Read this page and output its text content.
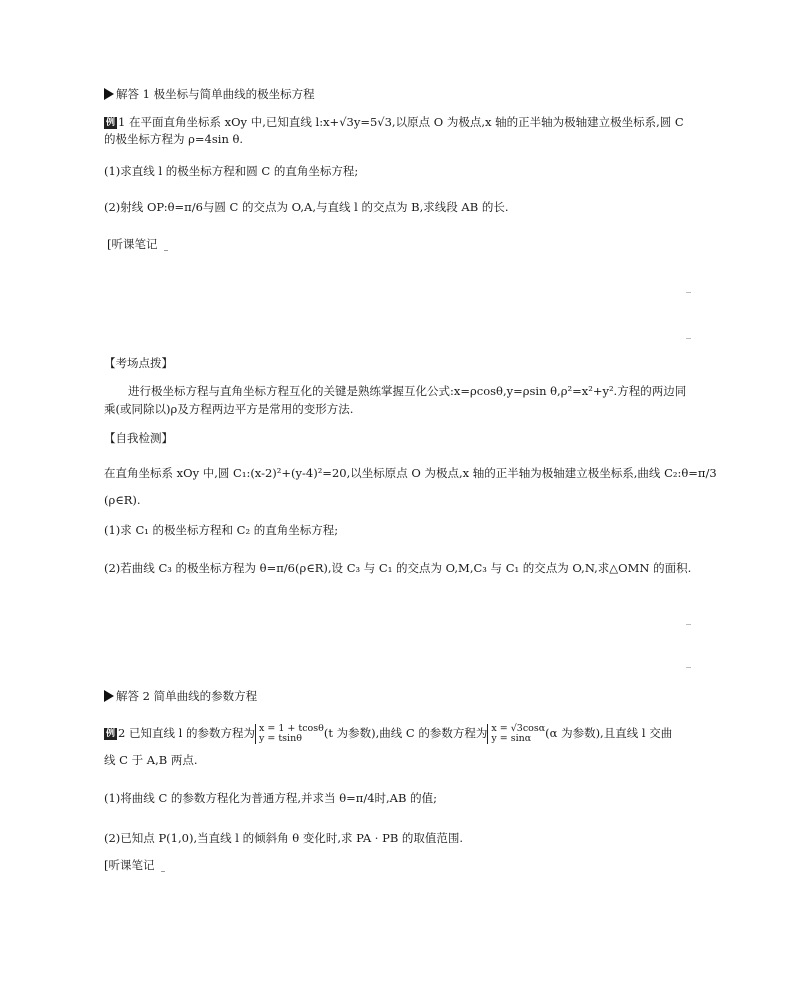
解答 1 极坐标与简单曲线的极坐标方程
例 1 在平面直角坐标系 xOy 中,已知直线 l:x+√3y=5√3,以原点 O 为极点,x 轴的正半轴为极轴建立极坐标系,圆 C
的极坐标方程为 ρ=4sin θ.
(1)求直线 l 的极坐标方程和圆 C 的直角坐标方程;
(2)射线 OP:θ=π/6与圆 C 的交点为 O,A,与直线 l 的交点为 B,求线段 AB 的长.
[听课笔记
【考场点拨】
进行极坐标方程与直角坐标方程互化的关键是熟练掌握互化公式:x=ρcosθ,y=ρsin θ,ρ²=x²+y².方程的两边同
乘(或同除以)ρ及方程两边平方是常用的变形方法.
【自我检测】
在直角坐标系 xOy 中,圆 C₁:(x-2)²+(y-4)²=20,以坐标原点 O 为极点,x 轴的正半轴为极轴建立极坐标系,曲线 C₂:θ=π/3
(ρ∈R).
(1)求 C₁ 的极坐标方程和 C₂ 的直角坐标方程;
(2)若曲线 C₃ 的极坐标方程为 θ=π/6(ρ∈R),设 C₃ 与 C₁ 的交点为 O,M,C₃ 与 C₁ 的交点为 O,N,求△OMN 的面积.
解答 2 简单曲线的参数方程
例 2 已知直线 l 的参数方程为 x = 1 + tcosθ
y = tsinθ	(t 为参数),曲线 C 的参数方程为 x = √3cosα
y = sinα	(α 为参数),且直线 l 交曲
线 C 于 A,B 两点.
(1)将曲线 C 的参数方程化为普通方程,并求当 θ=π/4时,AB 的值;
(2)已知点 P(1,0),当直线 l 的倾斜角 θ 变化时,求 PA · PB 的取值范围.
[听课笔记
